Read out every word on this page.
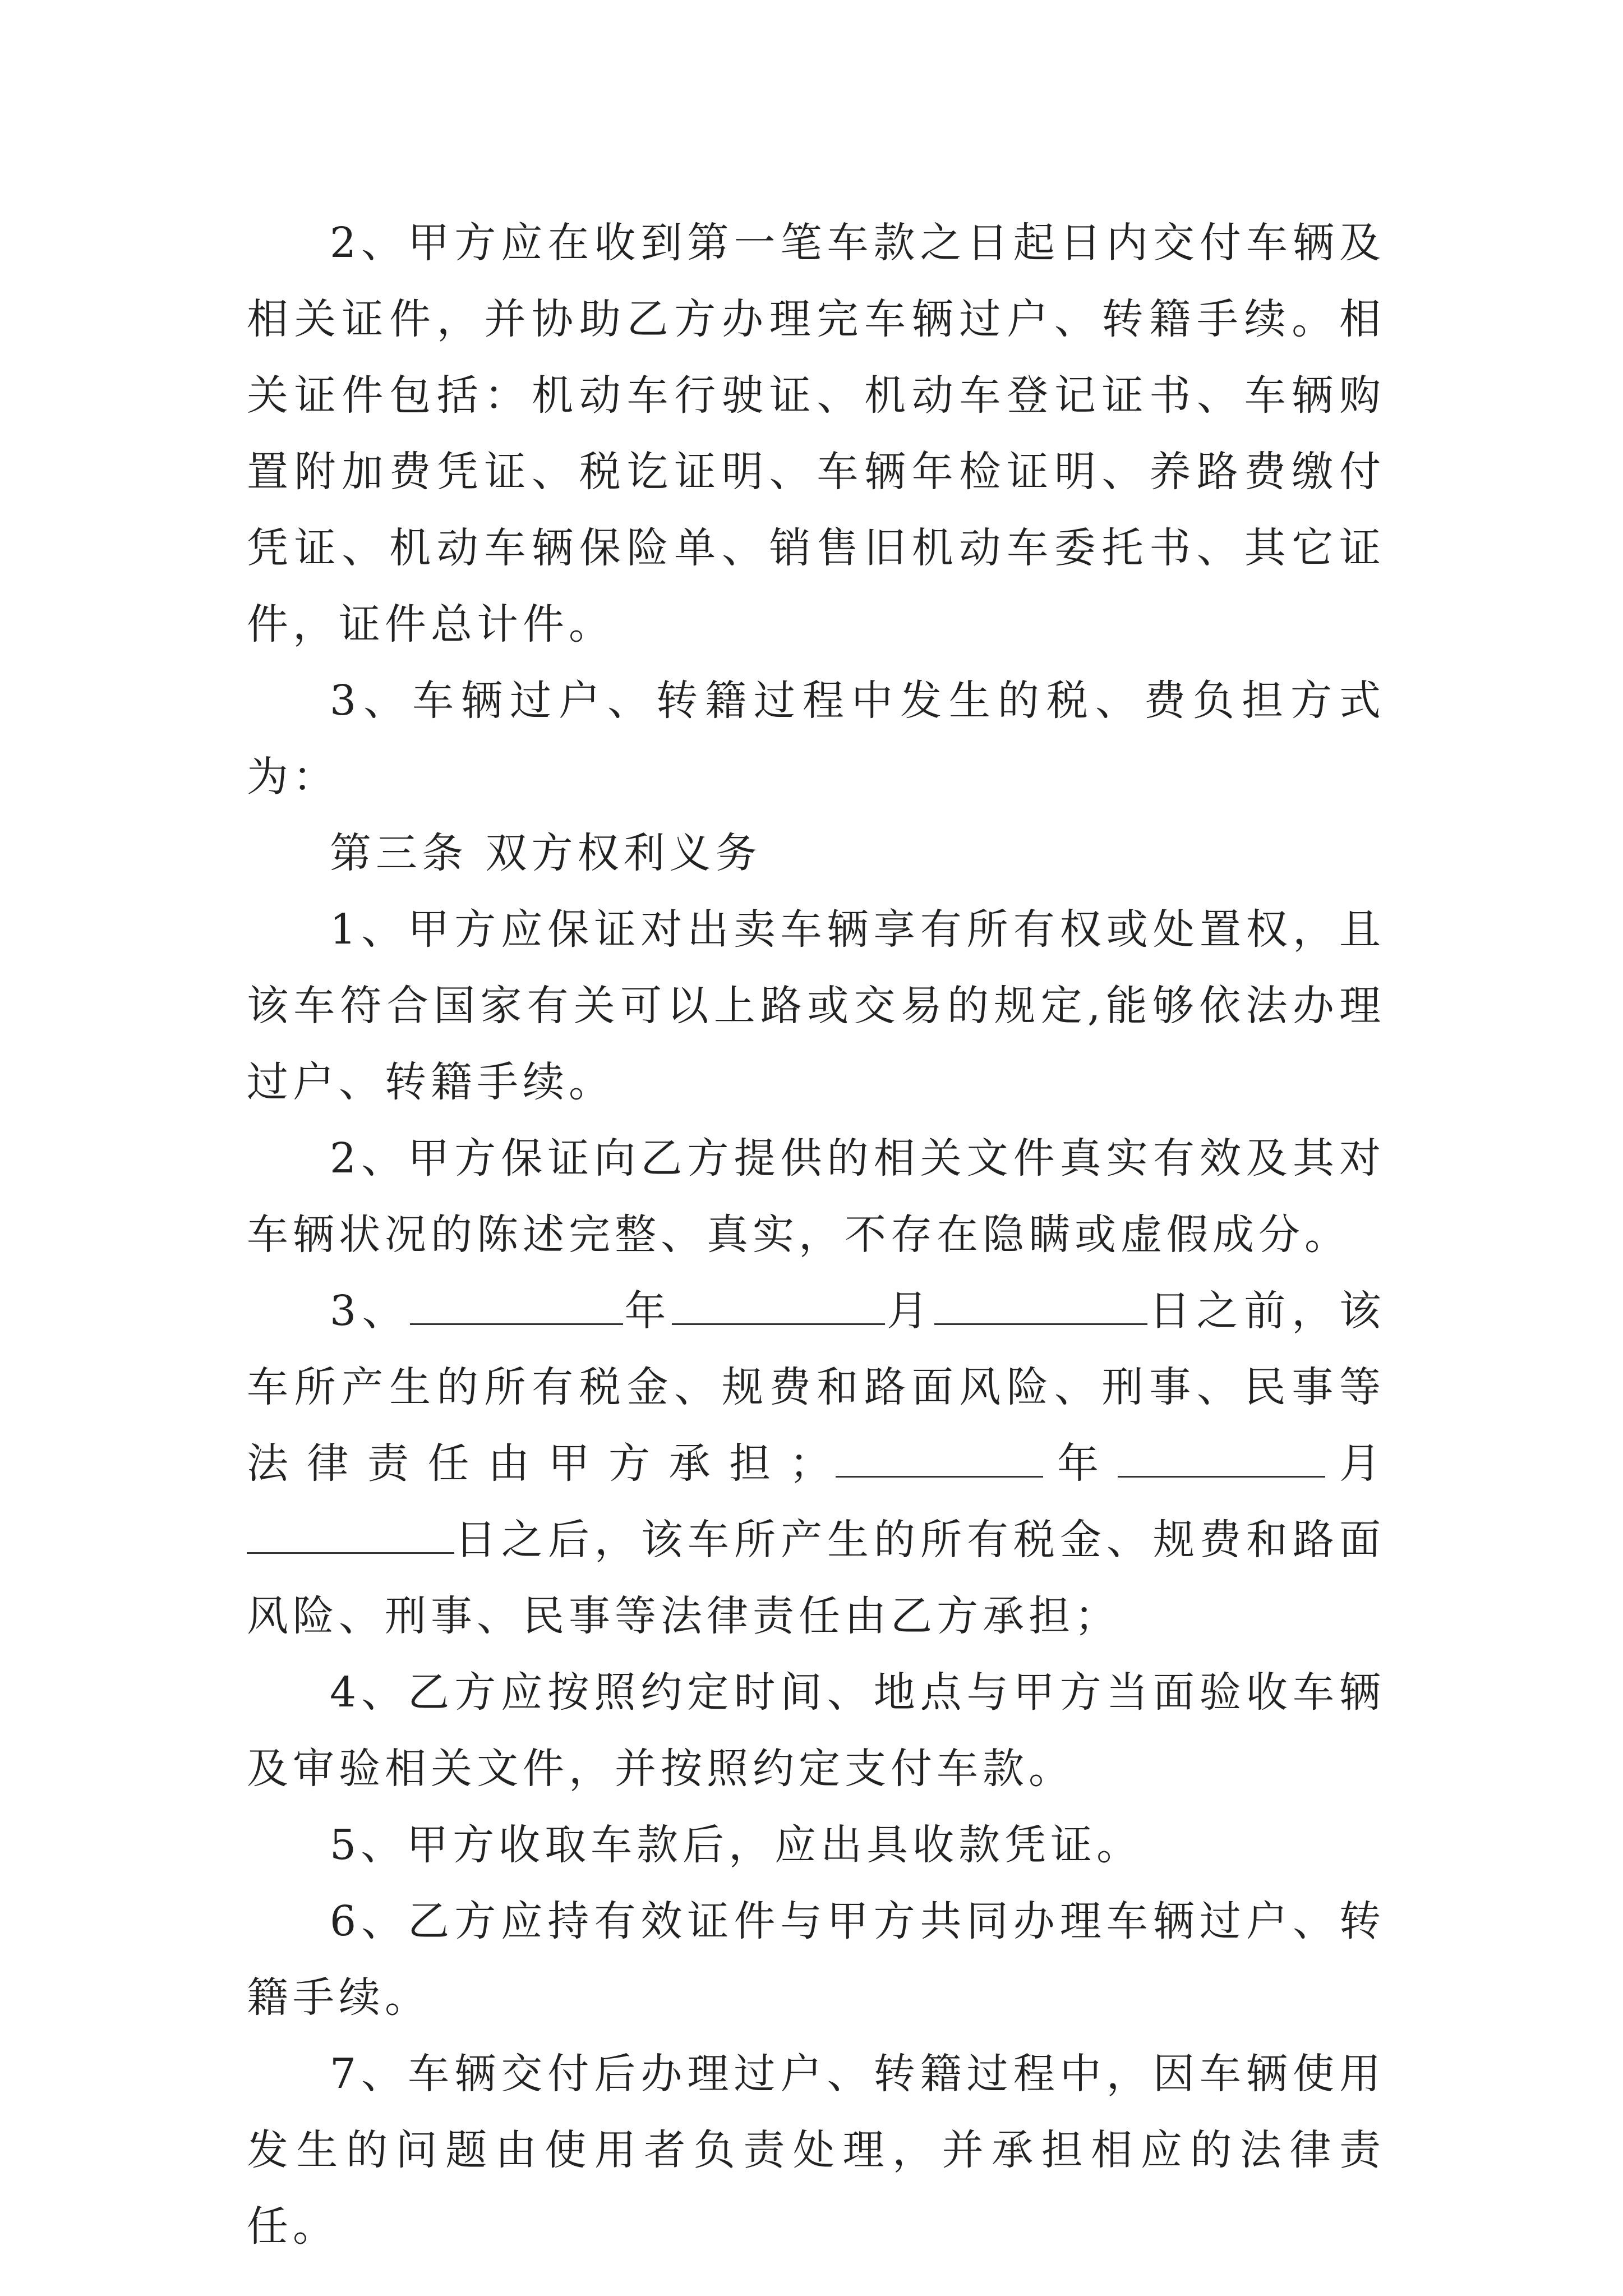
2、甲方应在收到第一笔车款之日起日内交付车辆及相关证件，并协助乙方办理完车辆过户、转籍手续。相关证件包括：机动车行驶证、机动车登记证书、车辆购置附加费凭证、税讫证明、车辆年检证明、养路费缴付凭证、机动车辆保险单、销售旧机动车委托书、其它证件，证件总计件。

3、车辆过户、转籍过程中发生的税、费负担方式为：

第三条 双方权利义务

1、甲方应保证对出卖车辆享有所有权或处置权，且该车符合国家有关可以上路或交易的规定,能够依法办理过户、转籍手续。

2、甲方保证向乙方提供的相关文件真实有效及其对车辆状况的陈述完整、真实，不存在隐瞒或虚假成分。

3、	年	月	日之前，该车所产生的所有税金、规费和路面风险、刑事、民事等法律责任由甲方承担；	年	月日之后，该车所产生的所有税金、规费和路面风险、刑事、民事等法律责任由乙方承担；

4、乙方应按照约定时间、地点与甲方当面验收车辆及审验相关文件，并按照约定支付车款。

5、甲方收取车款后，应出具收款凭证。

6、乙方应持有效证件与甲方共同办理车辆过户、转籍手续。

7、车辆交付后办理过户、转籍过程中，因车辆使用发生的问题由使用者负责处理，并承担相应的法律责任。
